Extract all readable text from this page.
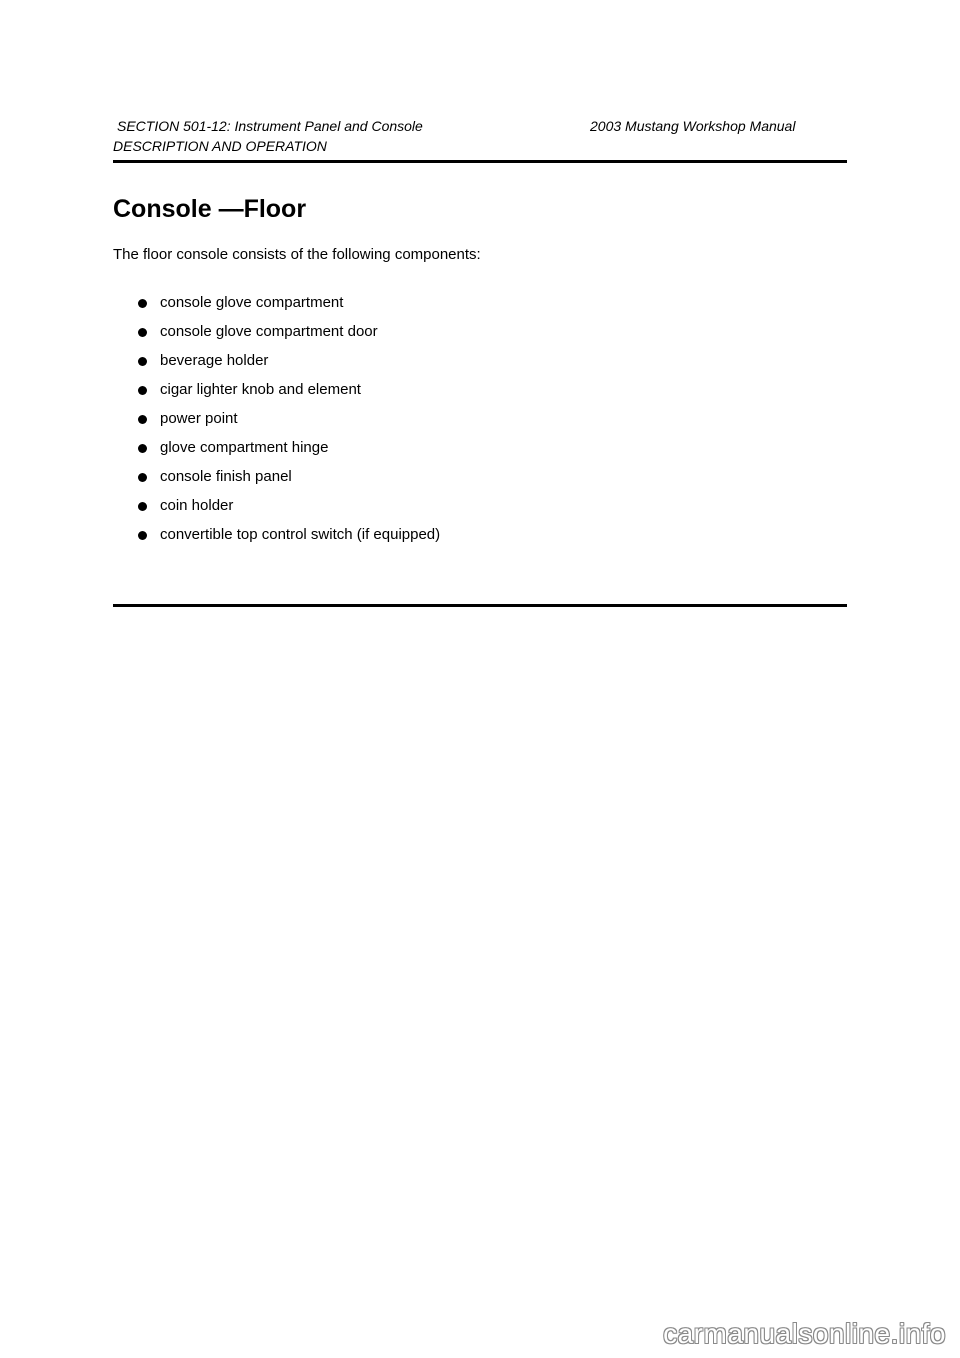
SECTION 501-12: Instrument Panel and Console	2003 Mustang Workshop Manual
DESCRIPTION AND OPERATION
Console —Floor

The floor console consists of the following components:

console glove compartment
console glove compartment door
beverage holder
cigar lighter knob and element
power point
glove compartment hinge
console finish panel
coin holder
convertible top control switch (if equipped)
carmanualsonline.info
